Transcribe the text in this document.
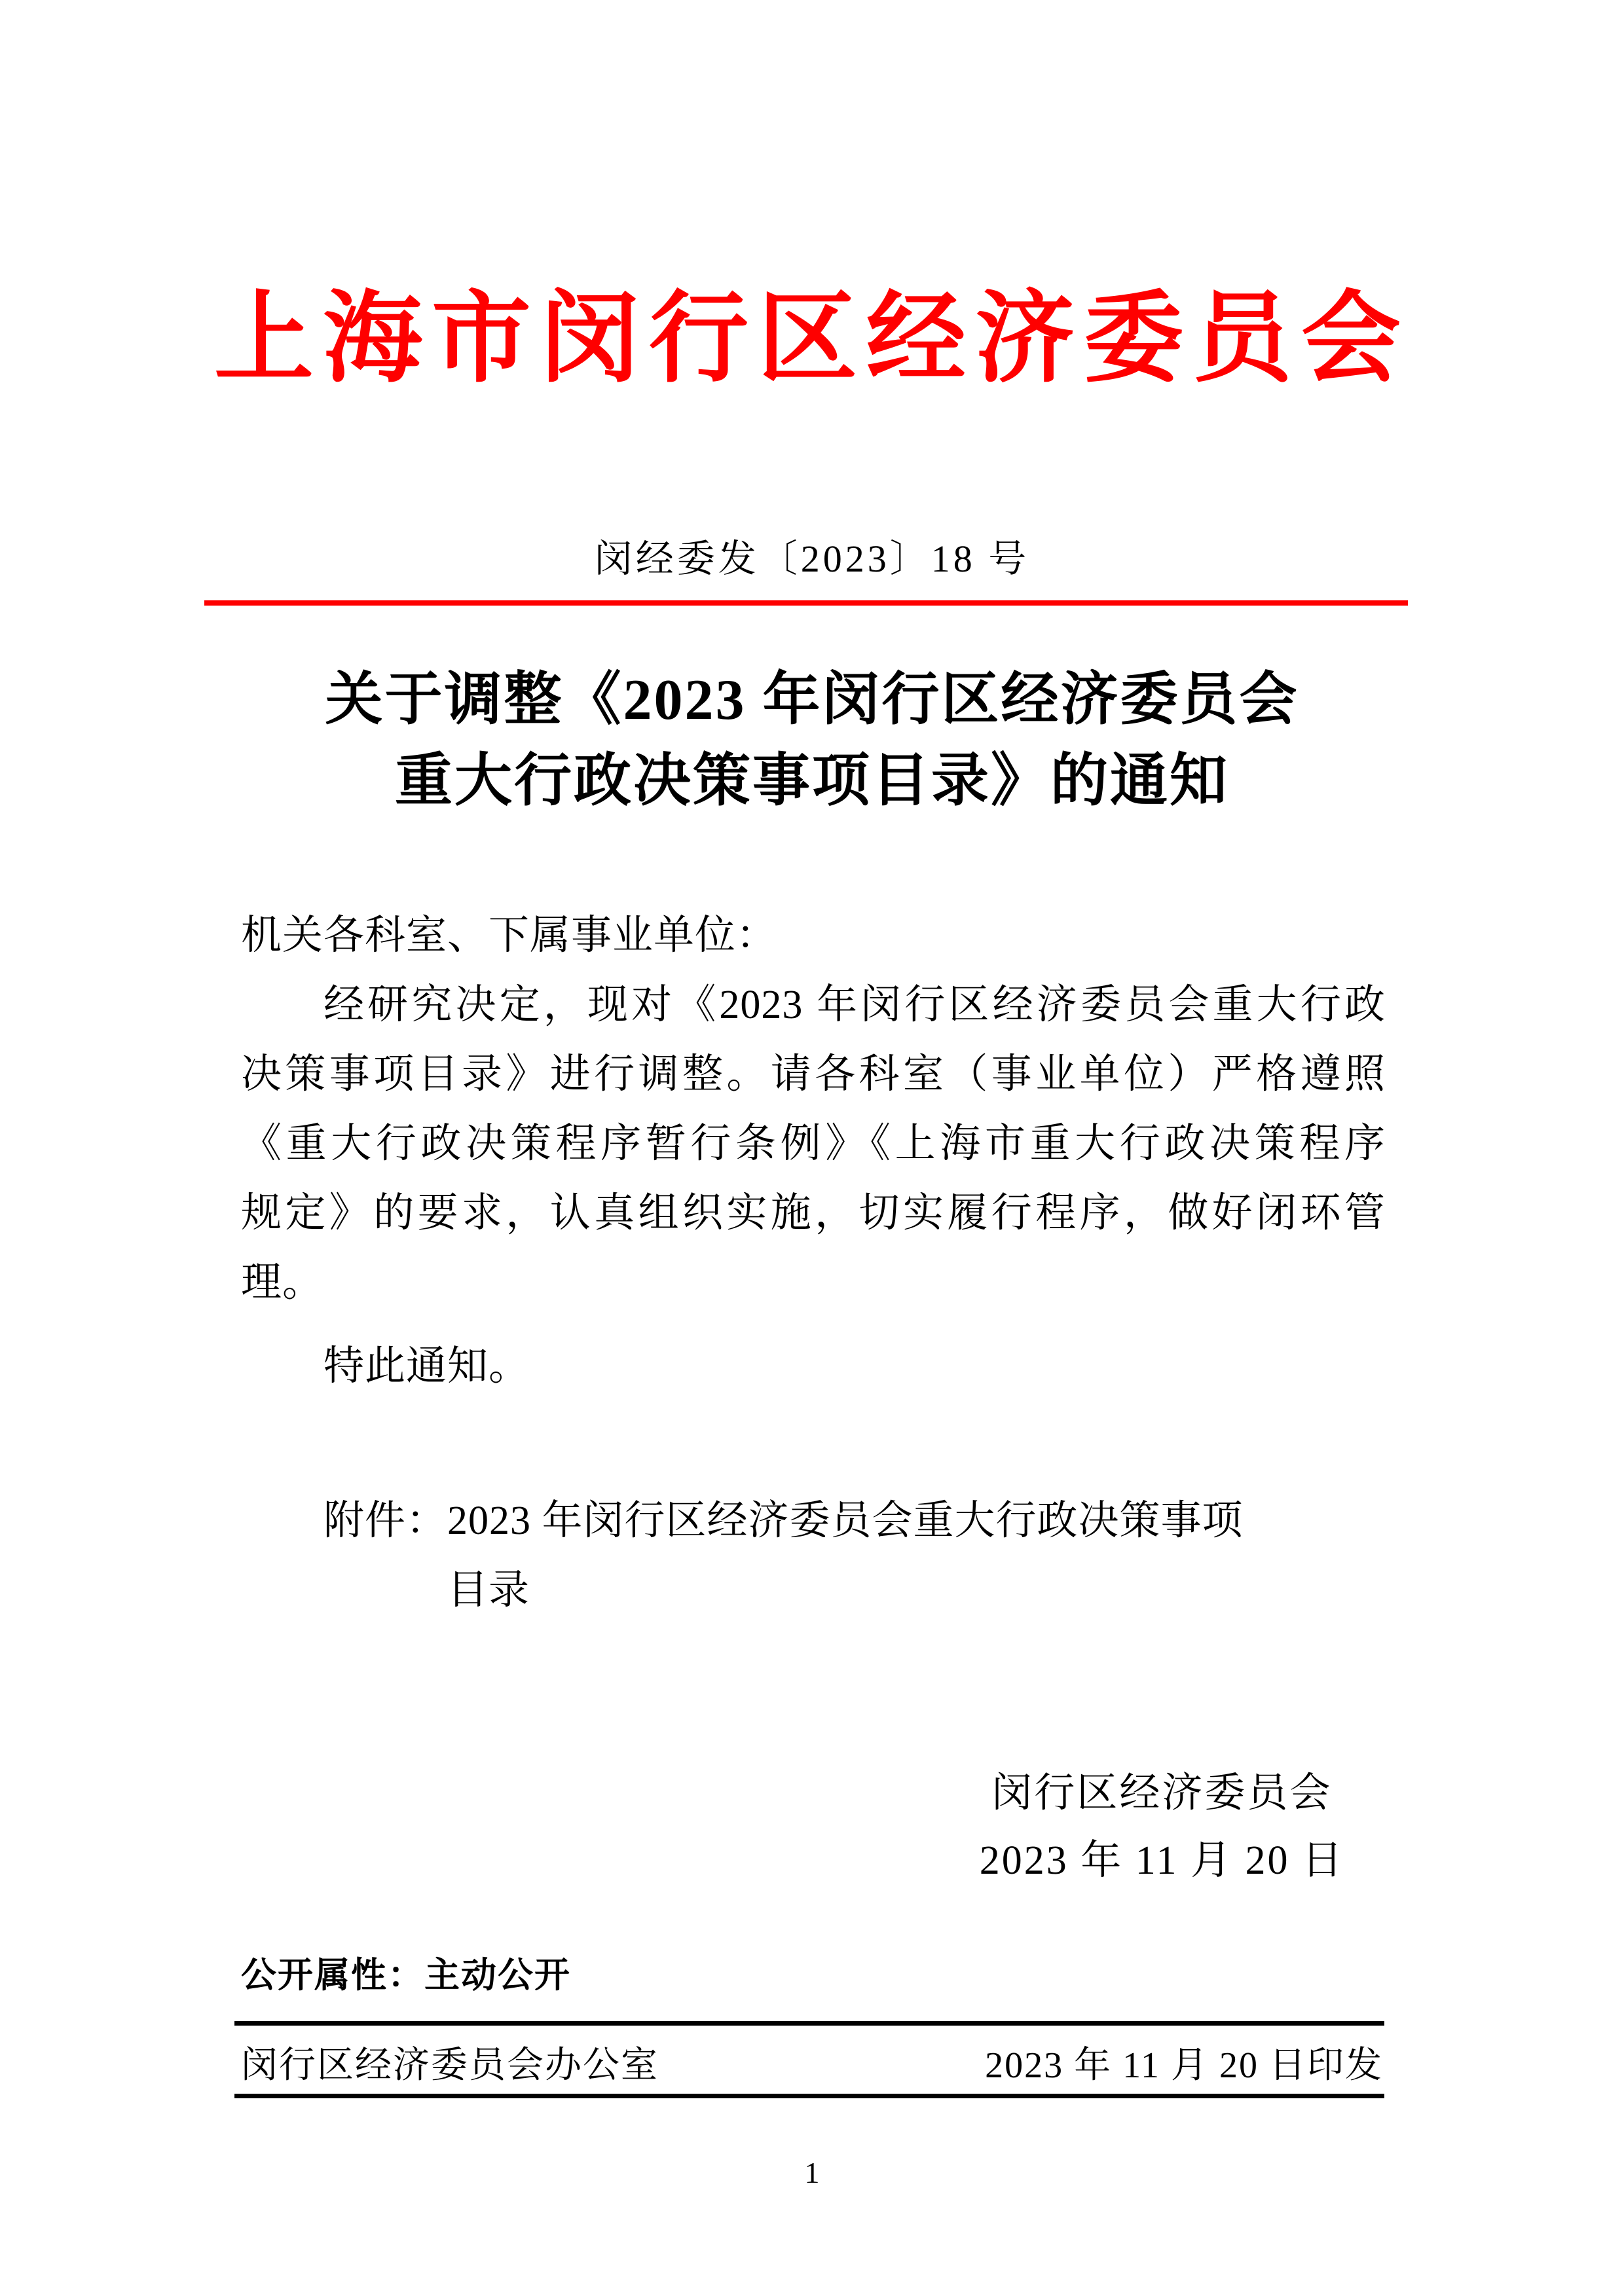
上海市闵行区经济委员会
闵经委发〔2023〕18 号
关于调整《2023 年闵行区经济委员会
重大行政决策事项目录》的通知
机关各科室、下属事业单位：
经研究决定，现对《2023 年闵行区经济委员会重大行政
决策事项目录》进行调整。请各科室（事业单位）严格遵照
《重大行政决策程序暂行条例》《上海市重大行政决策程序
规定》的要求，认真组织实施，切实履行程序，做好闭环管
理。
特此通知。
附件： 2023 年闵行区经济委员会重大行政决策事项
目录
闵行区经济委员会
2023 年 11 月 20 日
公开属性：主动公开
闵行区经济委员会办公室	2023 年 11 月 20 日印发
1
